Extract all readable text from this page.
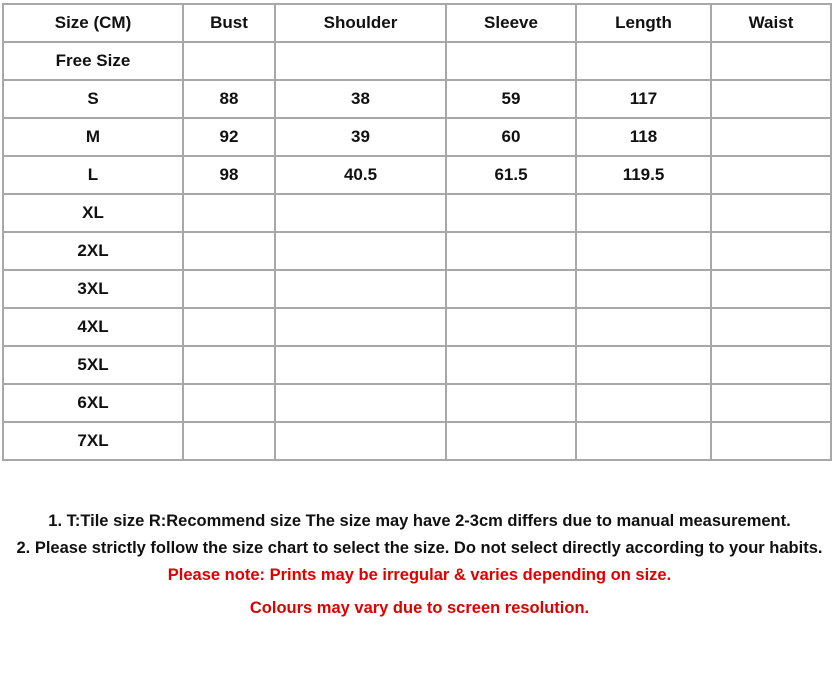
Size (CM)	Bust	Shoulder	Sleeve	Length	Waist
Free Size					
S	88	38	59	117	
M	92	39	60	118	
L	98	40.5	61.5	119.5	
XL					
2XL					
3XL					
4XL					
5XL					
6XL					
7XL					

1. T:Tile size R:Recommend size The size may have 2-3cm differs due to manual measurement.

2. Please strictly follow the size chart to select the size. Do not select directly according to your habits.

Please note: Prints may be irregular & varies depending on size.

Colours may vary due to screen resolution.
